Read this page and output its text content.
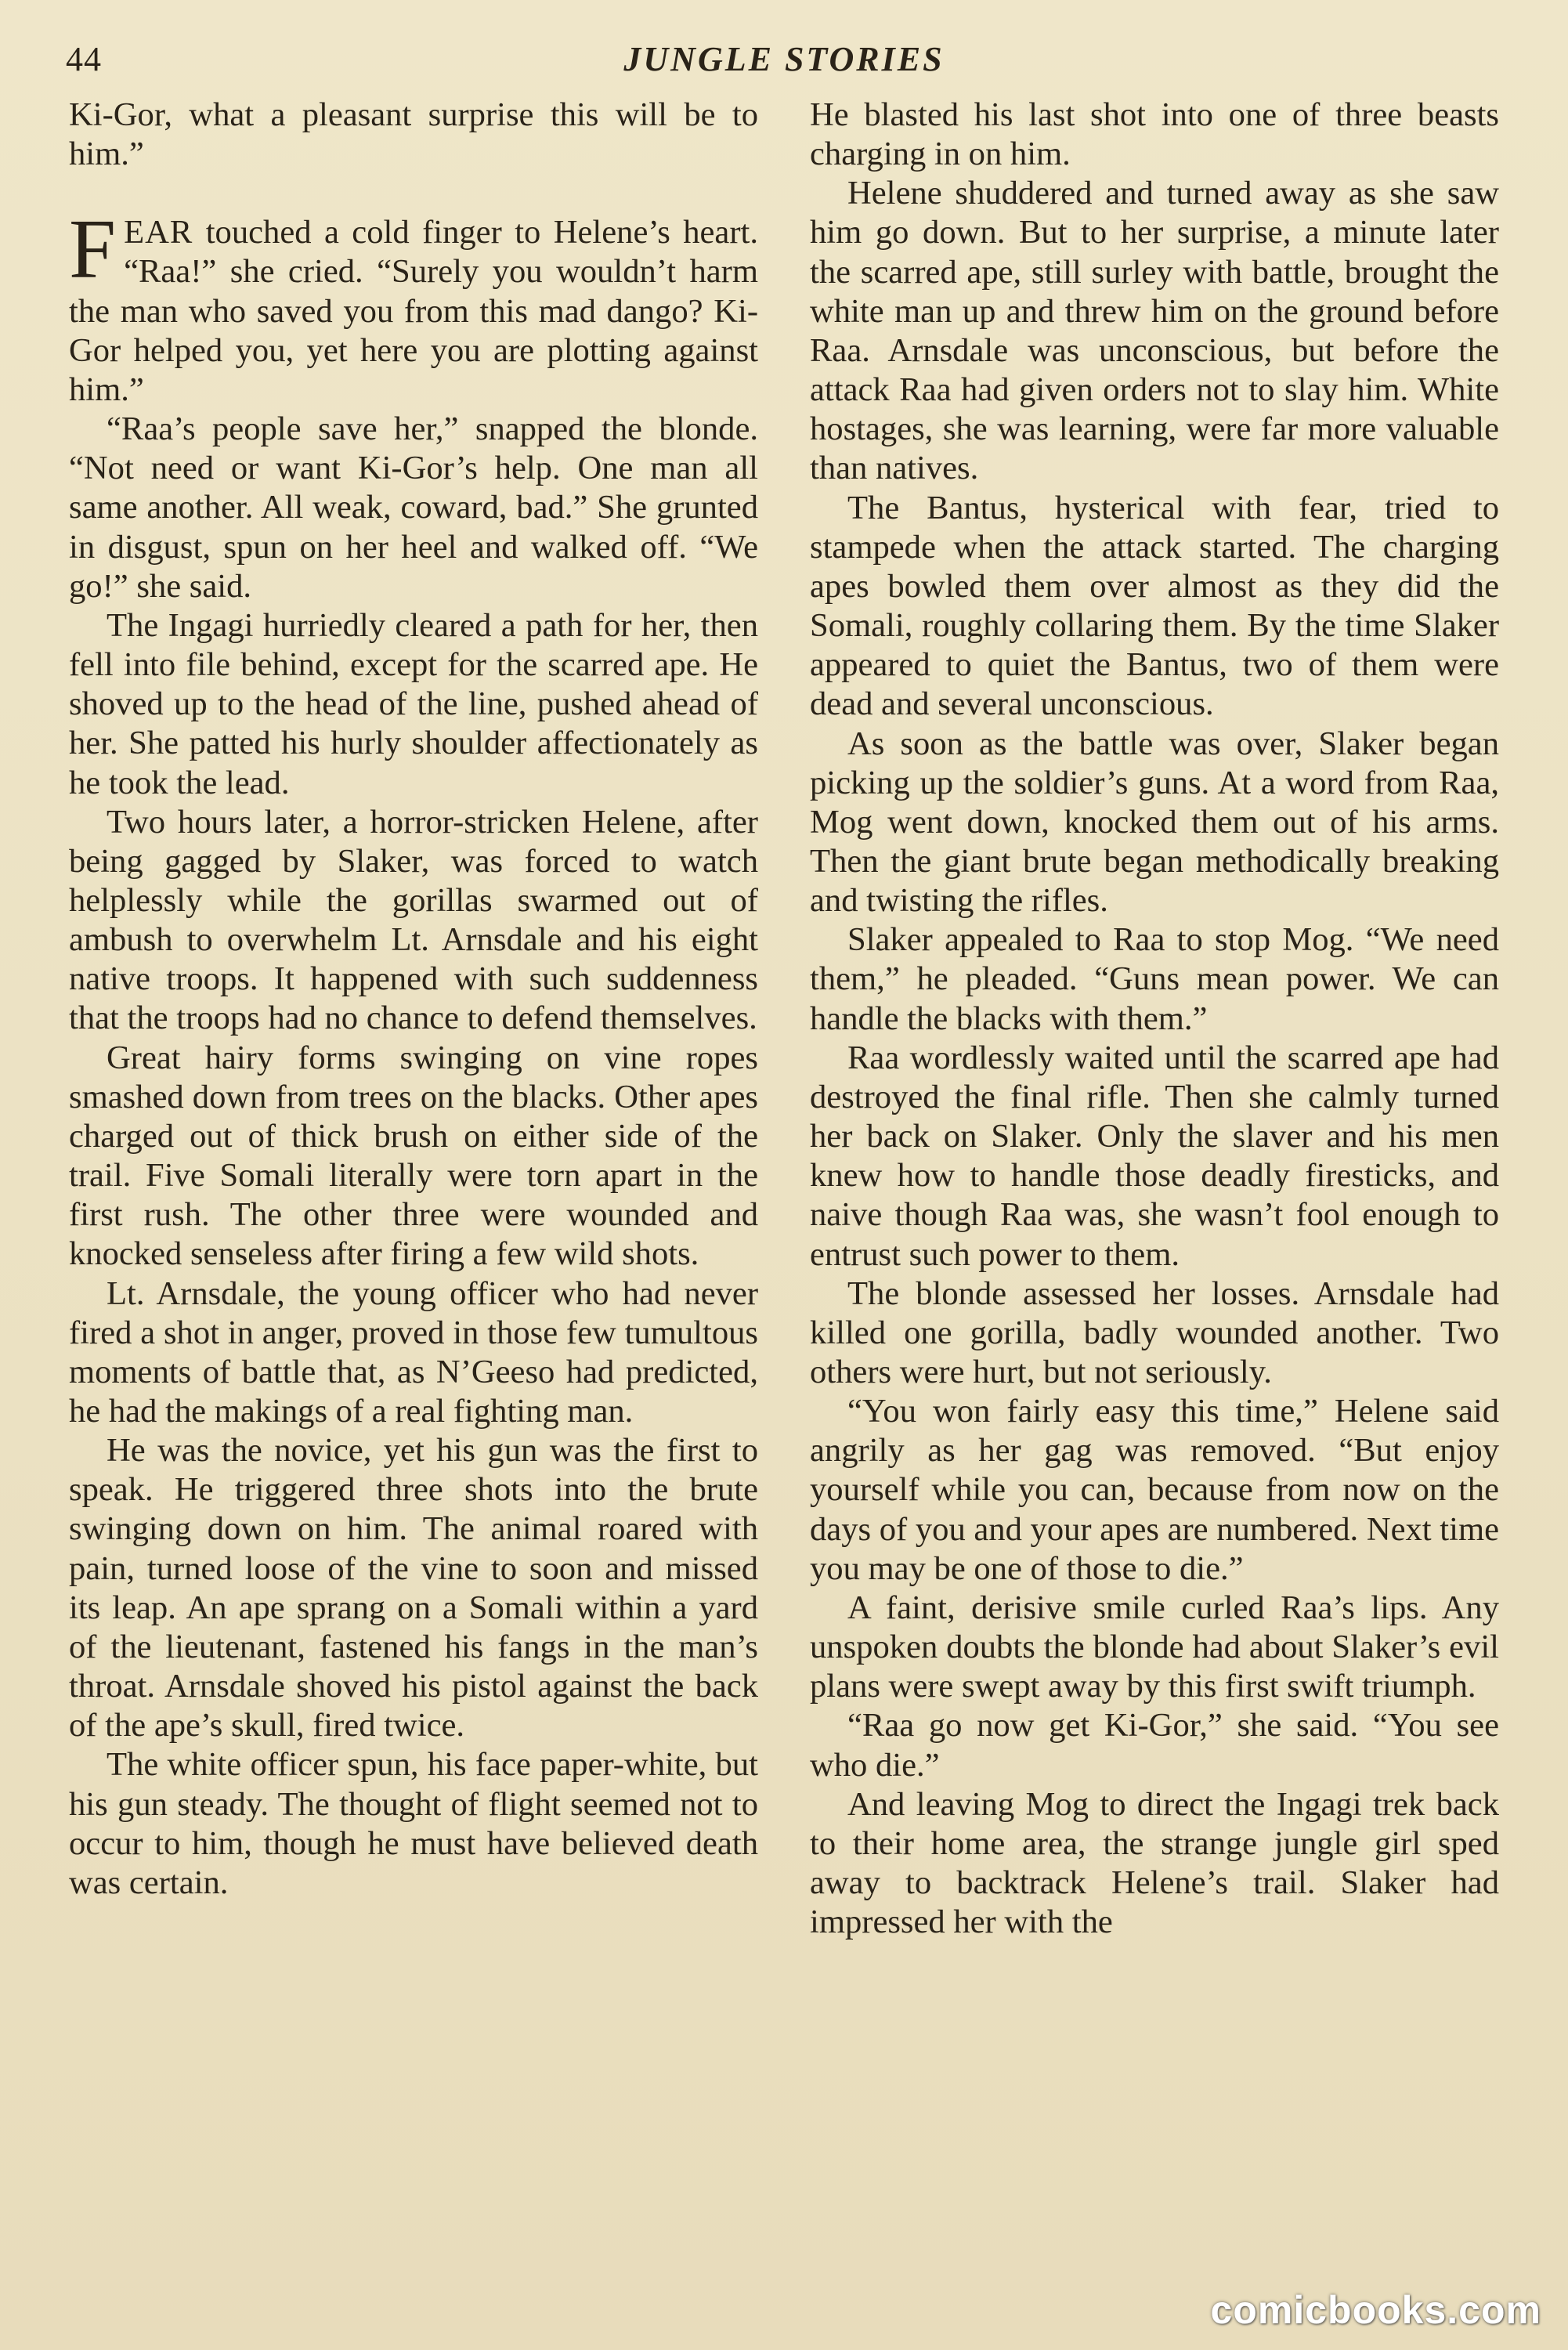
44	JUNGLE STORIES

Ki-Gor, what a pleasant surprise this will be to him.”

FEAR touched a cold finger to Helene’s heart. “Raa!” she cried. “Surely you wouldn’t harm the man who saved you from this mad dango? Ki-Gor helped you, yet here you are plotting against him.”

“Raa’s people save her,” snapped the blonde. “Not need or want Ki-Gor’s help. One man all same another. All weak, coward, bad.” She grunted in disgust, spun on her heel and walked off. “We go!” she said.

The Ingagi hurriedly cleared a path for her, then fell into file behind, except for the scarred ape. He shoved up to the head of the line, pushed ahead of her. She patted his hurly shoulder affectionately as he took the lead.

Two hours later, a horror-stricken Helene, after being gagged by Slaker, was forced to watch helplessly while the gorillas swarmed out of ambush to overwhelm Lt. Arnsdale and his eight native troops. It happened with such suddenness that the troops had no chance to defend themselves.

Great hairy forms swinging on vine ropes smashed down from trees on the blacks. Other apes charged out of thick brush on either side of the trail. Five Somali literally were torn apart in the first rush. The other three were wounded and knocked senseless after firing a few wild shots.

Lt. Arnsdale, the young officer who had never fired a shot in anger, proved in those few tumultous moments of battle that, as N’Geeso had predicted, he had the makings of a real fighting man.

He was the novice, yet his gun was the first to speak. He triggered three shots into the brute swinging down on him. The animal roared with pain, turned loose of the vine to soon and missed its leap. An ape sprang on a Somali within a yard of the lieutenant, fastened his fangs in the man’s throat. Arnsdale shoved his pistol against the back of the ape’s skull, fired twice.

The white officer spun, his face paper-white, but his gun steady. The thought of flight seemed not to occur to him, though he must have believed death was certain.

He blasted his last shot into one of three beasts charging in on him.

Helene shuddered and turned away as she saw him go down. But to her surprise, a minute later the scarred ape, still surley with battle, brought the white man up and threw him on the ground before Raa. Arnsdale was unconscious, but before the attack Raa had given orders not to slay him. White hostages, she was learning, were far more valuable than natives.

The Bantus, hysterical with fear, tried to stampede when the attack started. The charging apes bowled them over almost as they did the Somali, roughly collaring them. By the time Slaker appeared to quiet the Bantus, two of them were dead and several unconscious.

As soon as the battle was over, Slaker began picking up the soldier’s guns. At a word from Raa, Mog went down, knocked them out of his arms. Then the giant brute began methodically breaking and twisting the rifles.

Slaker appealed to Raa to stop Mog. “We need them,” he pleaded. “Guns mean power. We can handle the blacks with them.”

Raa wordlessly waited until the scarred ape had destroyed the final rifle. Then she calmly turned her back on Slaker. Only the slaver and his men knew how to handle those deadly firesticks, and naive though Raa was, she wasn’t fool enough to entrust such power to them.

The blonde assessed her losses. Arnsdale had killed one gorilla, badly wounded another. Two others were hurt, but not seriously.

“You won fairly easy this time,” Helene said angrily as her gag was removed. “But enjoy yourself while you can, because from now on the days of you and your apes are numbered. Next time you may be one of those to die.”

A faint, derisive smile curled Raa’s lips. Any unspoken doubts the blonde had about Slaker’s evil plans were swept away by this first swift triumph.

“Raa go now get Ki-Gor,” she said. “You see who die.”

And leaving Mog to direct the Ingagi trek back to their home area, the strange jungle girl sped away to backtrack Helene’s trail. Slaker had impressed her with the

comicbooks.com
